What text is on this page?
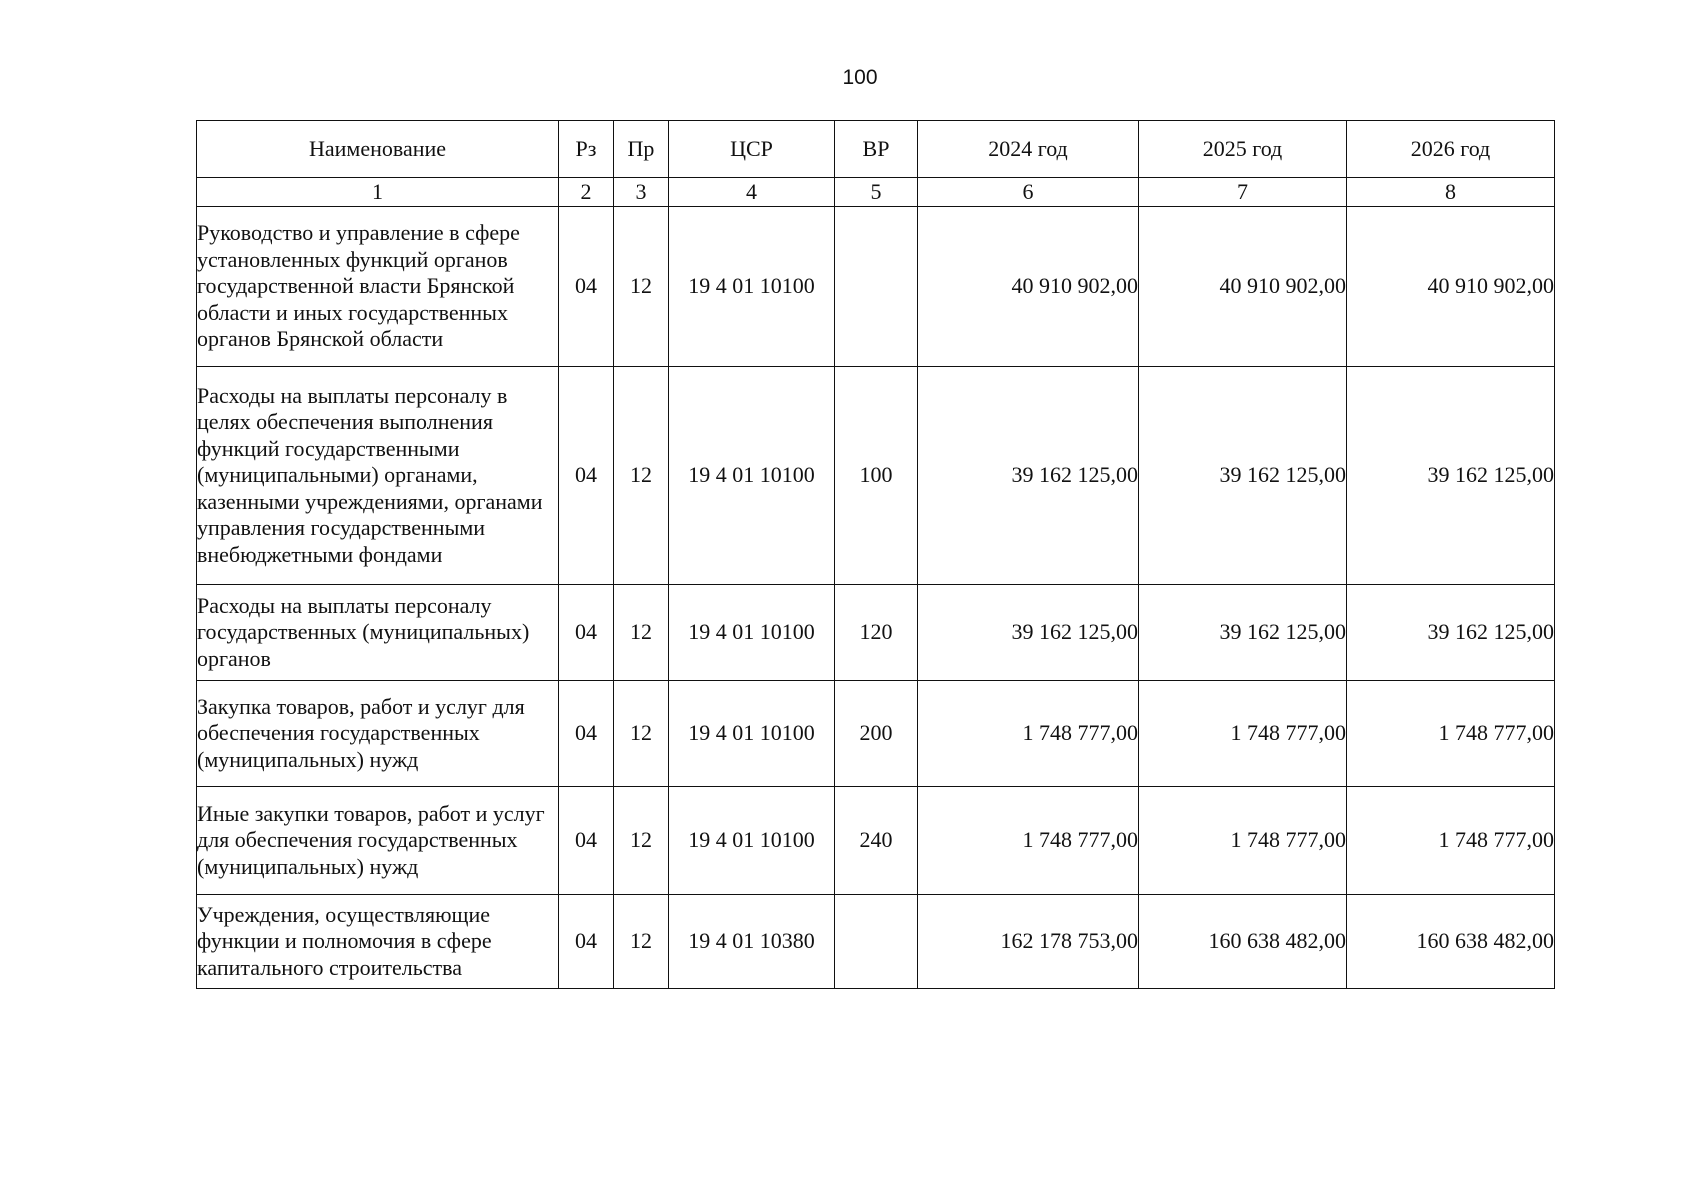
100
Наименование	Рз	Пр	ЦСР	ВР	2024 год	2025 год	2026 год
1	2	3	4	5	6	7	8
Руководство и управление в сфере установленных функций органов государственной власти Брянской области и иных государственных органов Брянской области	04	12	19 4 01 10100		40 910 902,00	40 910 902,00	40 910 902,00
Расходы на выплаты персоналу в целях обеспечения выполнения функций государственными (муниципальными) органами, казенными учреждениями, органами управления государственными внебюджетными фондами	04	12	19 4 01 10100	100	39 162 125,00	39 162 125,00	39 162 125,00
Расходы на выплаты персоналу государственных (муниципальных) органов	04	12	19 4 01 10100	120	39 162 125,00	39 162 125,00	39 162 125,00
Закупка товаров, работ и услуг для обеспечения государственных (муниципальных) нужд	04	12	19 4 01 10100	200	1 748 777,00	1 748 777,00	1 748 777,00
Иные закупки товаров, работ и услуг для обеспечения государственных (муниципальных) нужд	04	12	19 4 01 10100	240	1 748 777,00	1 748 777,00	1 748 777,00
Учреждения, осуществляющие функции и полномочия в сфере капитального строительства	04	12	19 4 01 10380		162 178 753,00	160 638 482,00	160 638 482,00
